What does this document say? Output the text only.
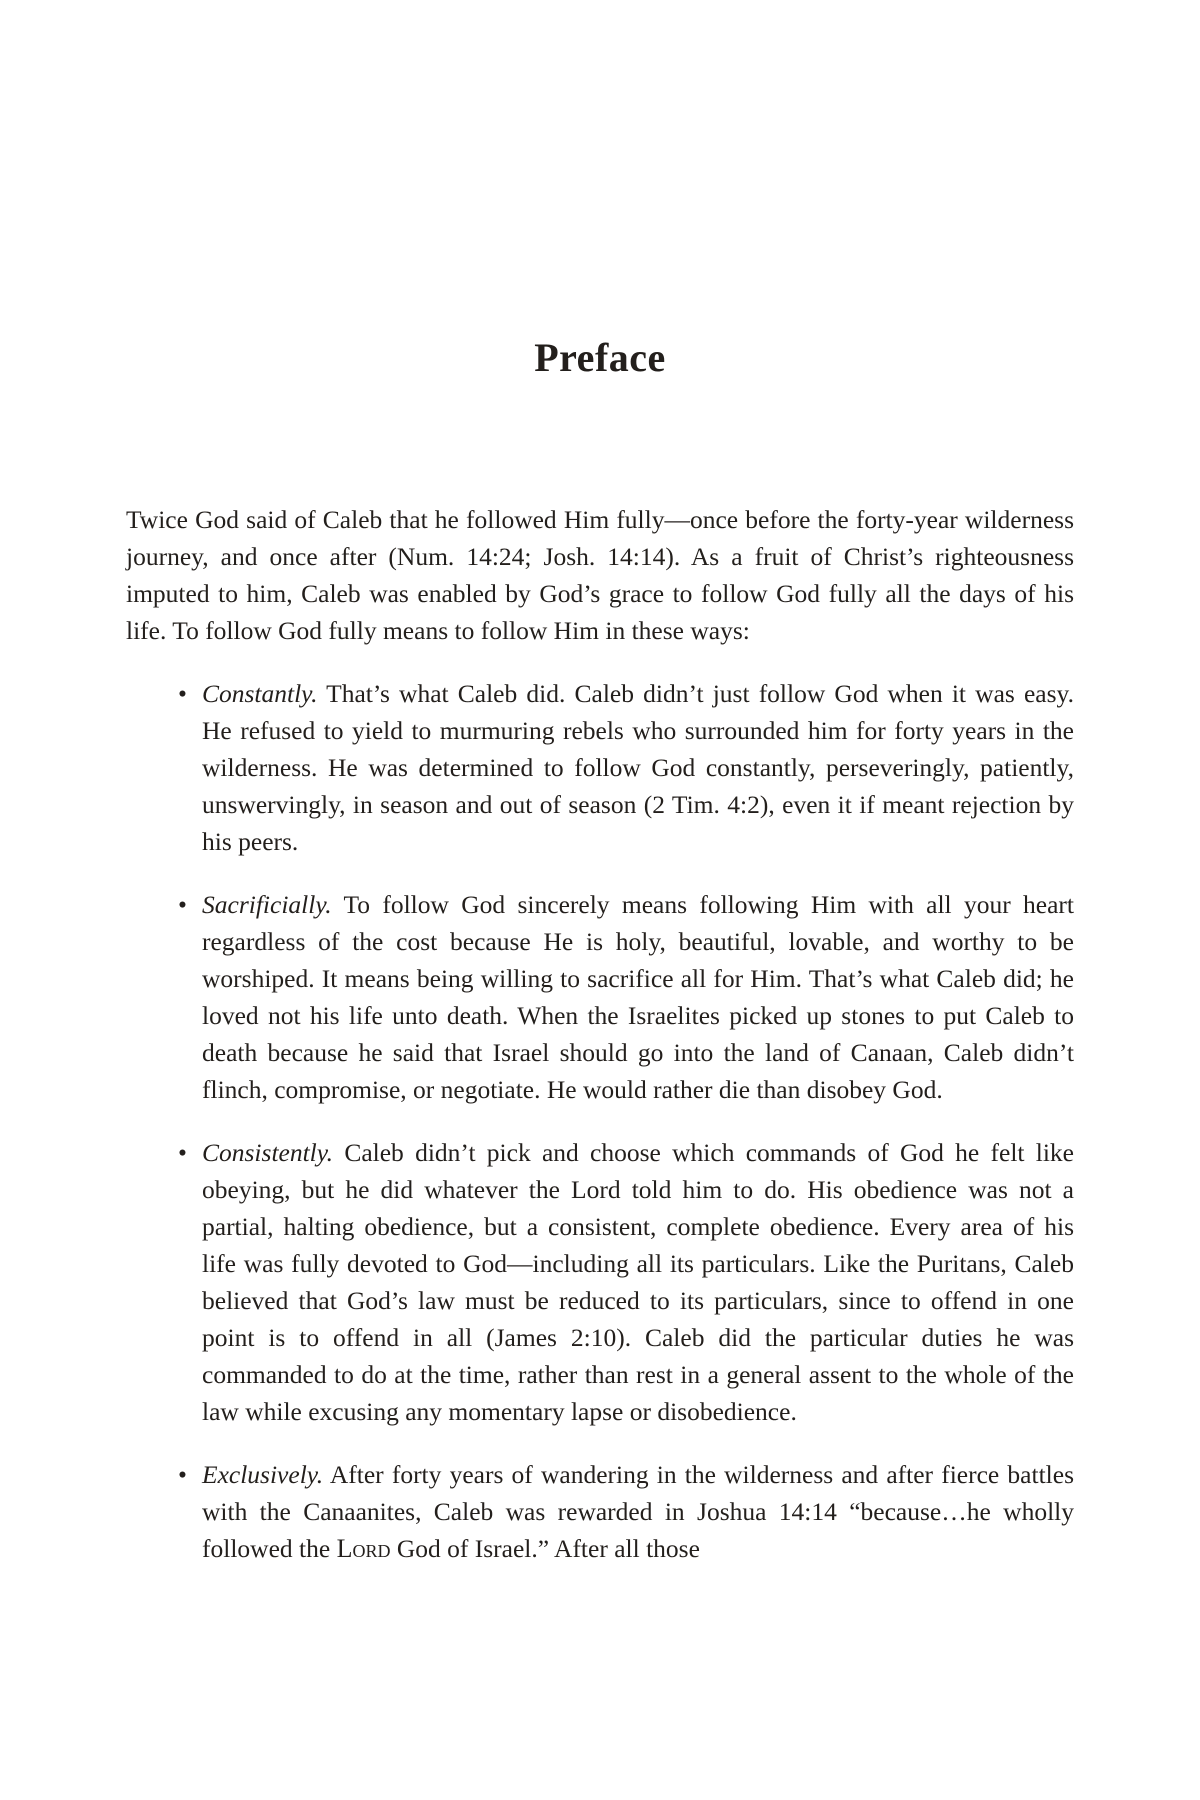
Preface

Twice God said of Caleb that he followed Him fully—once before the forty-year wilderness journey, and once after (Num. 14:24; Josh. 14:14). As a fruit of Christ’s righteousness imputed to him, Caleb was enabled by God’s grace to follow God fully all the days of his life. To follow God fully means to follow Him in these ways:

• Constantly. That’s what Caleb did. Caleb didn’t just follow God when it was easy. He refused to yield to murmuring rebels who surrounded him for forty years in the wilderness. He was determined to follow God constantly, perseveringly, patiently, unswervingly, in season and out of season (2 Tim. 4:2), even it if meant rejection by his peers.
• Sacrificially. To follow God sincerely means following Him with all your heart regardless of the cost because He is holy, beautiful, lovable, and worthy to be worshiped. It means being willing to sacrifice all for Him. That’s what Caleb did; he loved not his life unto death. When the Israelites picked up stones to put Caleb to death because he said that Israel should go into the land of Canaan, Caleb didn’t flinch, compromise, or negotiate. He would rather die than disobey God.
• Consistently. Caleb didn’t pick and choose which commands of God he felt like obeying, but he did whatever the Lord told him to do. His obedience was not a partial, halting obedience, but a consistent, complete obedience. Every area of his life was fully devoted to God—including all its particulars. Like the Puritans, Caleb believed that God’s law must be reduced to its particulars, since to offend in one point is to offend in all (James 2:10). Caleb did the particular duties he was commanded to do at the time, rather than rest in a general assent to the whole of the law while excusing any momentary lapse or disobedience.
• Exclusively. After forty years of wandering in the wilderness and after fierce battles with the Canaanites, Caleb was rewarded in Joshua 14:14 “because…he wholly followed the Lord God of Israel.” After all those
